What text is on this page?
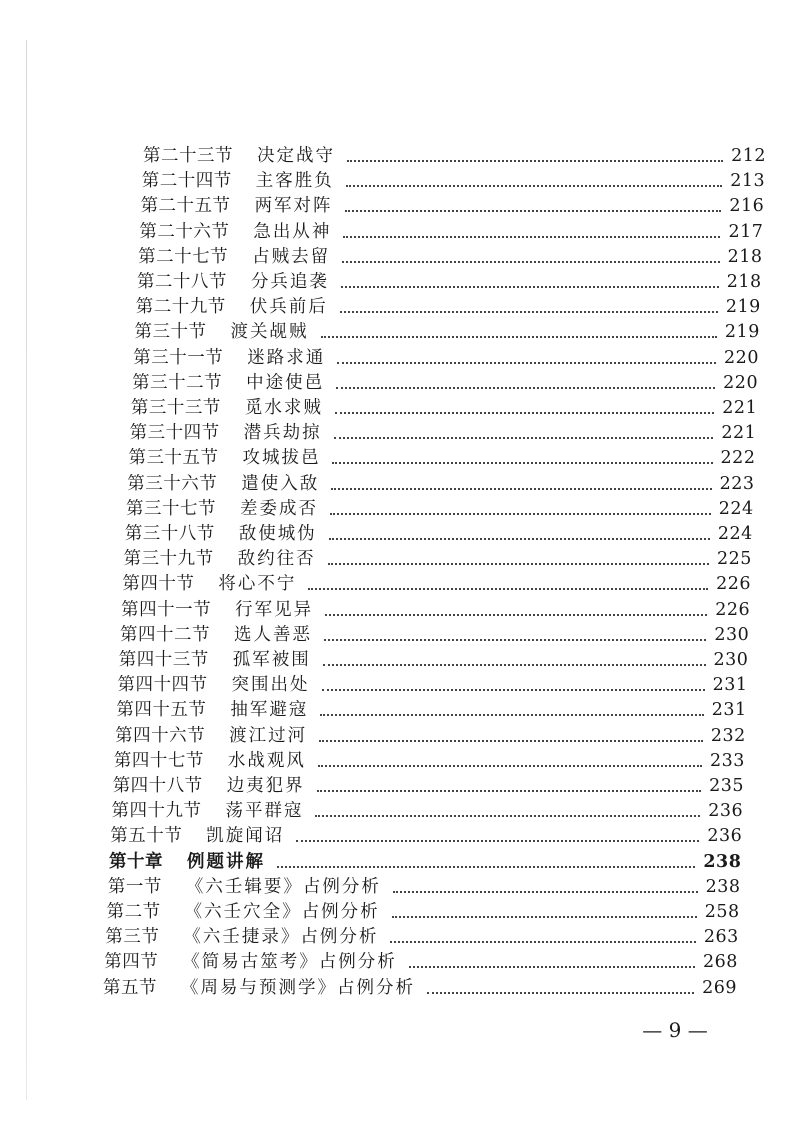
第二十三节 决定战守	212
第二十四节 主客胜负	213
第二十五节 两军对阵	216
第二十六节 急出从神	217
第二十七节 占贼去留	218
第二十八节 分兵追袭	218
第二十九节 伏兵前后	219
第三十节 渡关觇贼	219
第三十一节 迷路求通	220
第三十二节 中途使邑	220
第三十三节 觅水求贼	221
第三十四节 潜兵劫掠	221
第三十五节 攻城拔邑	222
第三十六节 遣使入敌	223
第三十七节 差委成否	224
第三十八节 敌使城伪	224
第三十九节 敌约往否	225
第四十节 将心不宁	226
第四十一节 行军见异	226
第四十二节 选人善恶	230
第四十三节 孤军被围	230
第四十四节 突围出处	231
第四十五节 抽军避寇	231
第四十六节 渡江过河	232
第四十七节 水战观风	233
第四十八节 边夷犯界	235
第四十九节 荡平群寇	236
第五十节 凯旋闻诏	236
第十章 例题讲解	238
第一节 《六壬辑要》占例分析	238
第二节 《六壬穴全》占例分析	258
第三节 《六壬捷录》占例分析	263
第四节 《简易古筮考》占例分析	268
第五节 《周易与预测学》占例分析	269
— 9 —
